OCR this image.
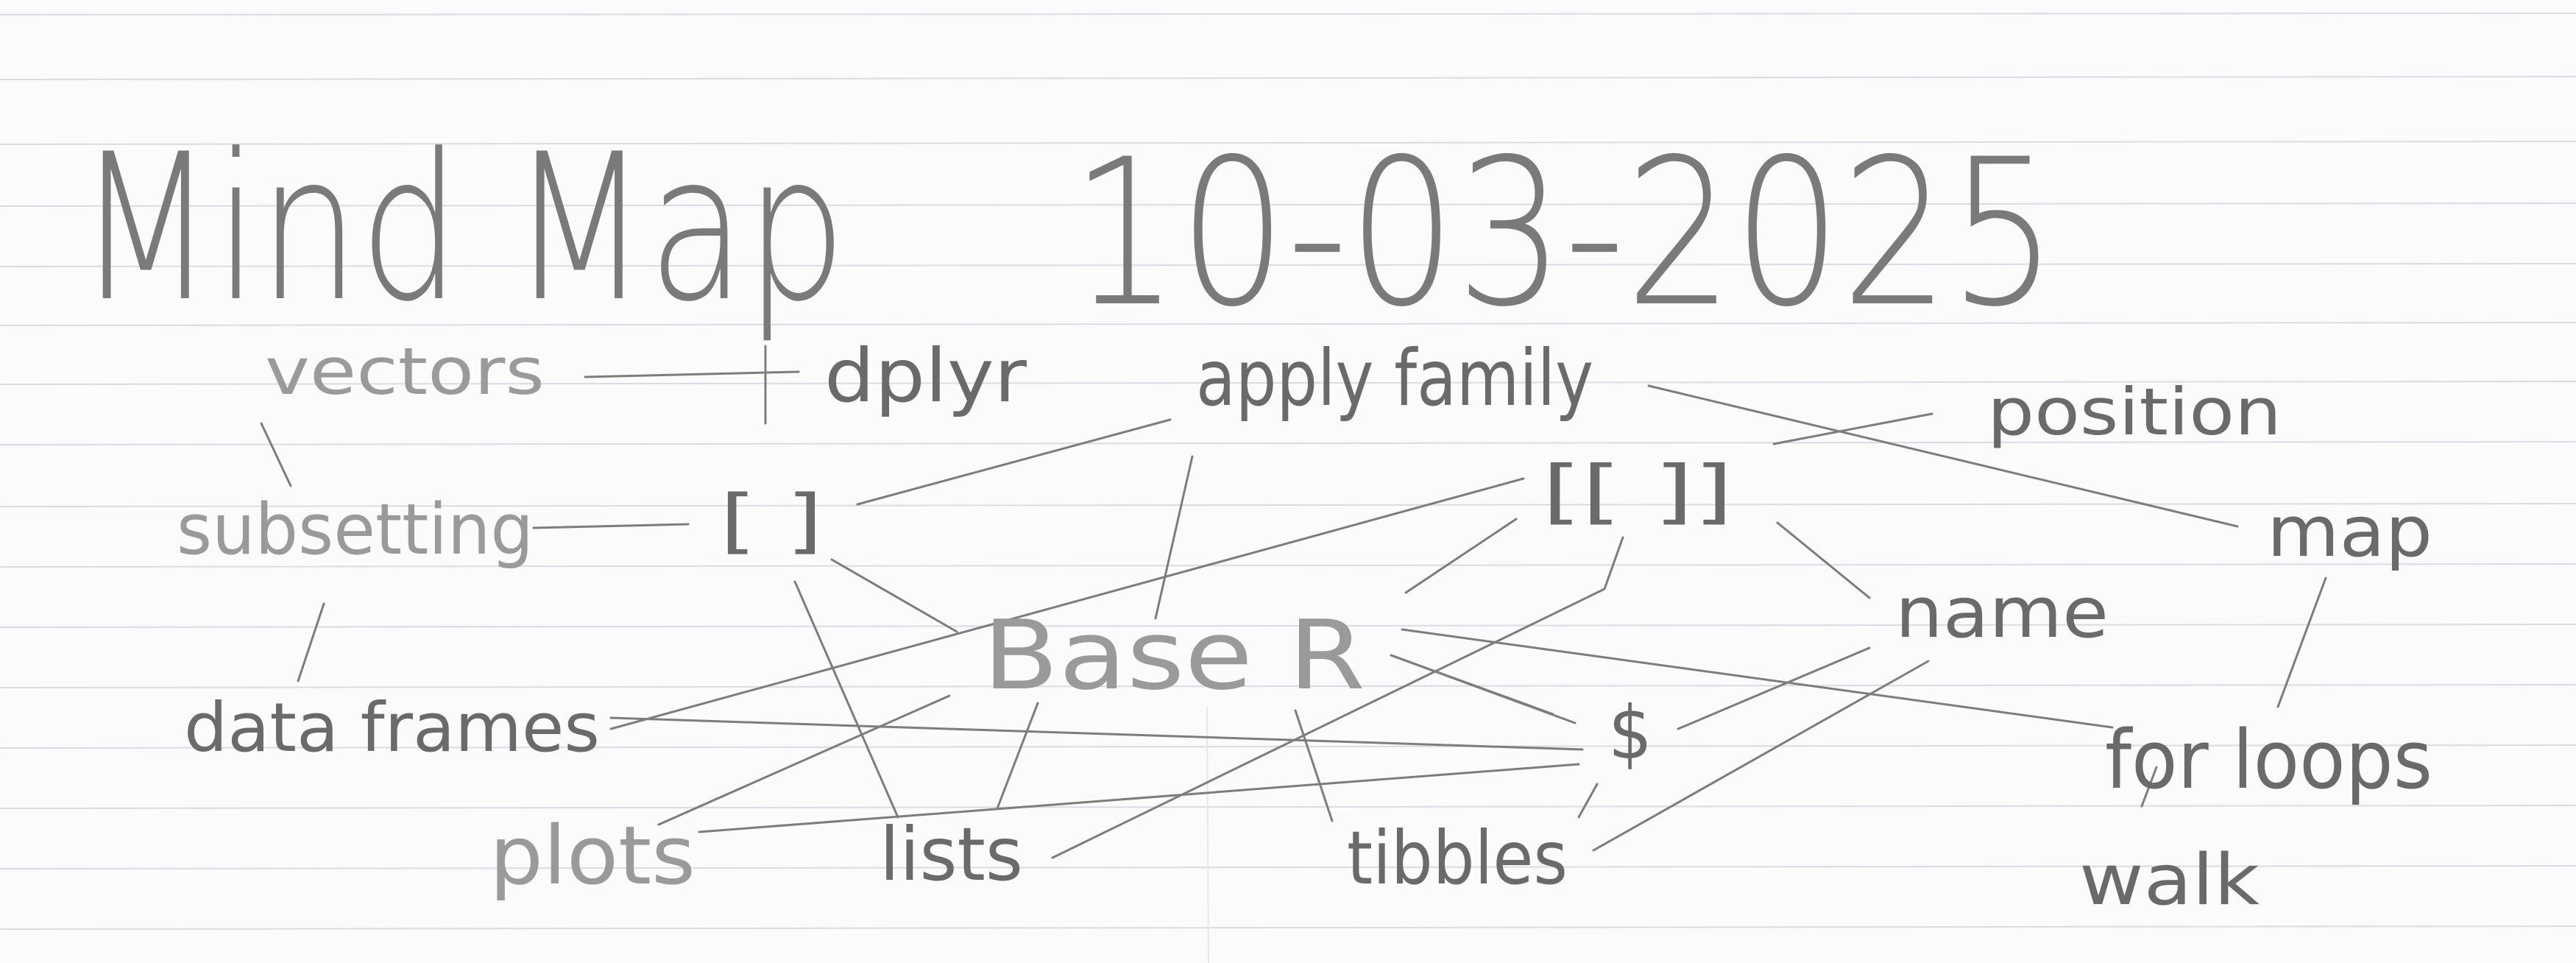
Mind Map 10-03-2025
vectors	dplyr apply family	position
subsetting	[ ]	[[ ]]	map
name
Base R
data frames	$	for loops
plots	lists	tibbles	walk
